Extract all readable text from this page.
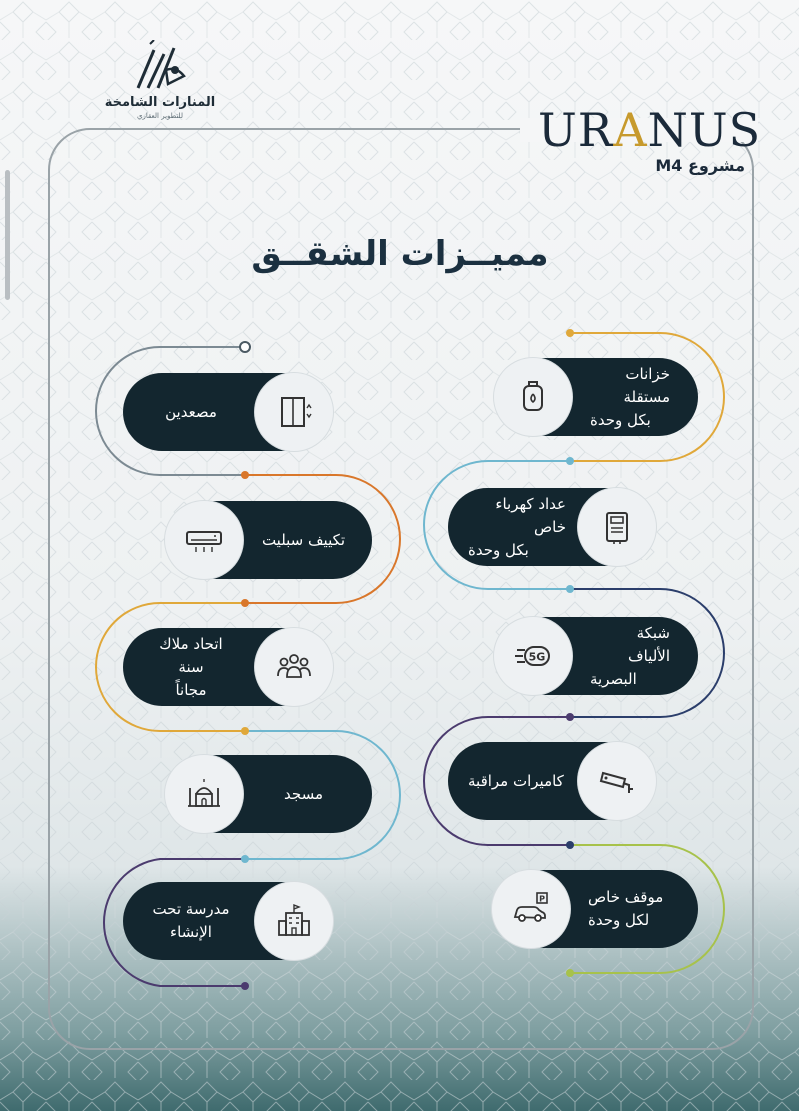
المنارات الشامخة
للتطوير العقاري	URANUS
مشروع M4
مميــزات الشقــق
خزانات مستقلة
بكل وحدة
عداد كهرباء خاص
بكل وحدة
5G
شبكة الألياف
البصرية
كاميرات مراقبة
P	موقف خاص
لكل وحدة
مصعدين
تكييف سبليت
اتحاد ملاك سنة
مجاناً
مسجد
مدرسة تحت الإنشاء
